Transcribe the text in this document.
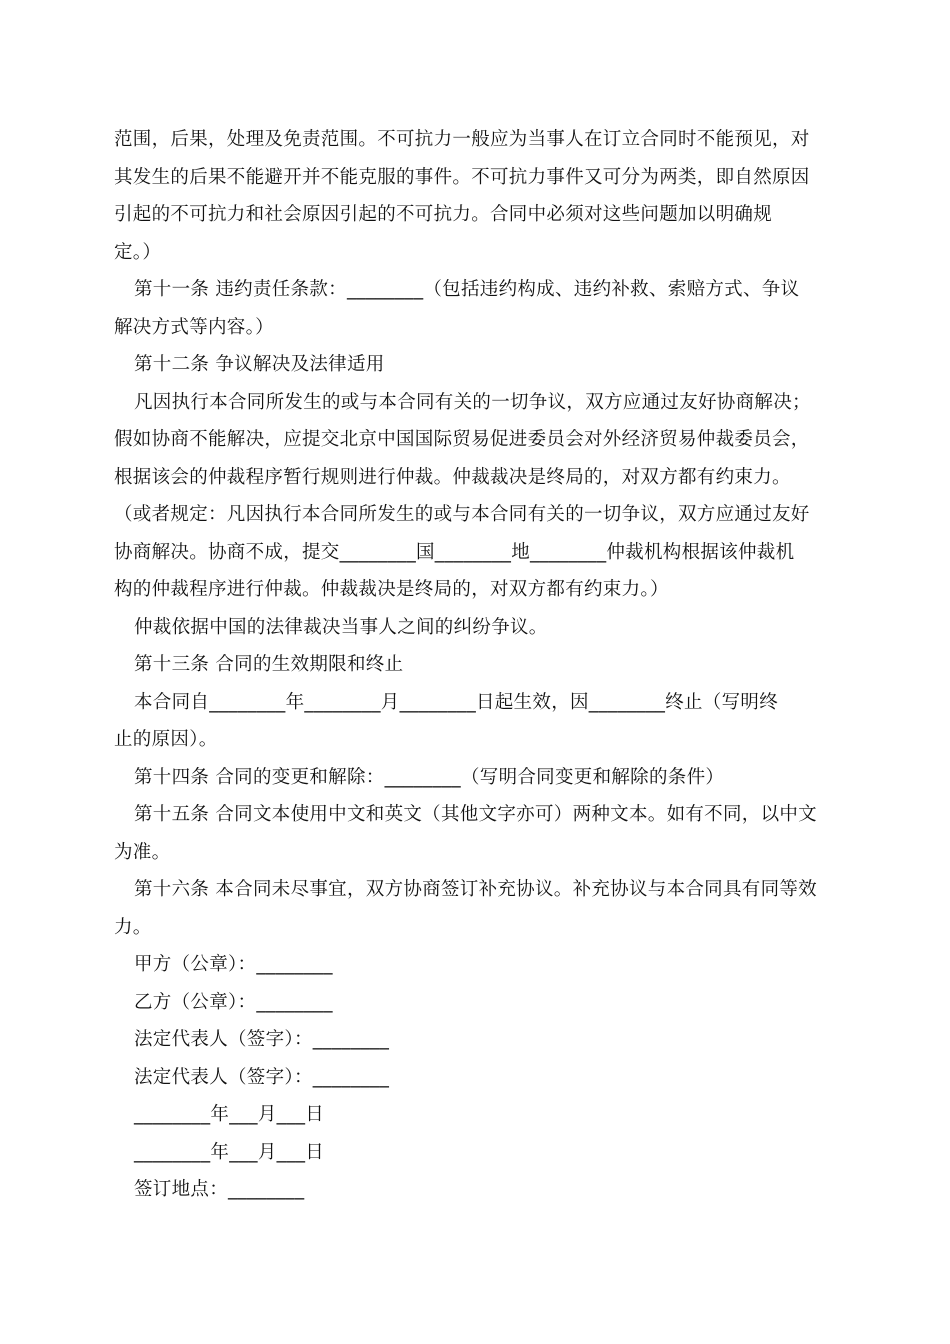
范围，后果，处理及免责范围。不可抗力一般应为当事人在订立合同时不能预见，对
其发生的后果不能避开并不能克服的事件。不可抗力事件又可分为两类，即自然原因
引起的不可抗力和社会原因引起的不可抗力。合同中必须对这些问题加以明确规
定。）
第十一条 违约责任条款：________（包括违约构成、违约补救、索赔方式、争议
解决方式等内容。）
第十二条 争议解决及法律适用
凡因执行本合同所发生的或与本合同有关的一切争议，双方应通过友好协商解决；
假如协商不能解决，应提交北京中国国际贸易促进委员会对外经济贸易仲裁委员会，
根据该会的仲裁程序暂行规则进行仲裁。仲裁裁决是终局的，对双方都有约束力。
（或者规定：凡因执行本合同所发生的或与本合同有关的一切争议，双方应通过友好
协商解决。协商不成，提交________国________地________仲裁机构根据该仲裁机
构的仲裁程序进行仲裁。仲裁裁决是终局的，对双方都有约束力。）
仲裁依据中国的法律裁决当事人之间的纠纷争议。
第十三条 合同的生效期限和终止
本合同自________年________月________日起生效，因________终止（写明终
止的原因）。
第十四条 合同的变更和解除：________（写明合同变更和解除的条件）
第十五条 合同文本使用中文和英文（其他文字亦可）两种文本。如有不同，以中文
为准。
第十六条 本合同未尽事宜，双方协商签订补充协议。补充协议与本合同具有同等效
力。
甲方（公章）：________
乙方（公章）：________
法定代表人（签字）：________
法定代表人（签字）：________
________年___月___日
________年___月___日
签订地点：________
